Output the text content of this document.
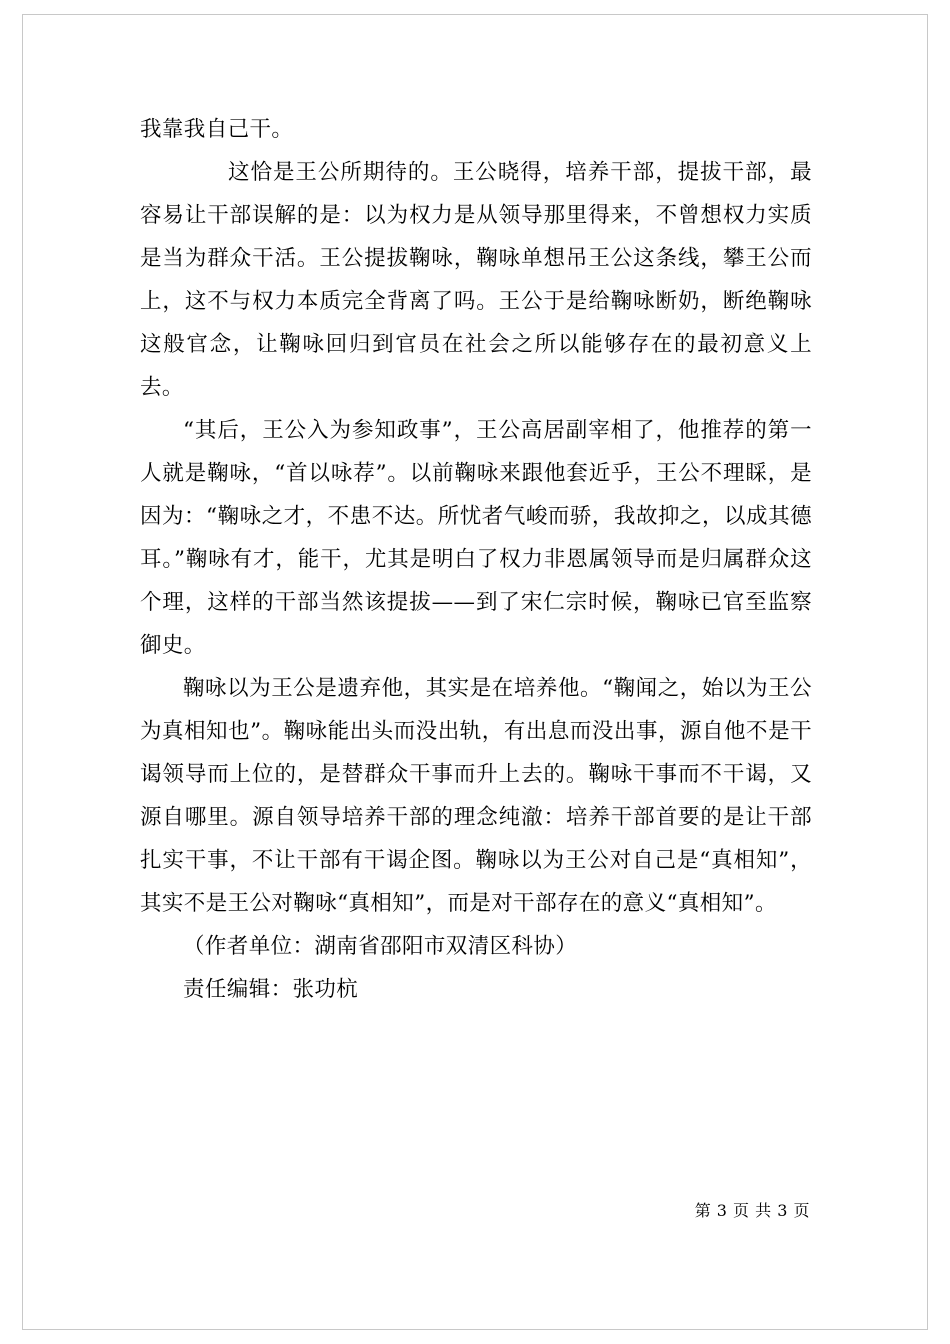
我靠我自己干。

　　这恰是王公所期待的。王公晓得，培养干部，提拔干部，最容易让干部误解的是：以为权力是从领导那里得来，不曾想权力实质是当为群众干活。王公提拔鞠咏，鞠咏单想吊王公这条线，攀王公而上，这不与权力本质完全背离了吗。王公于是给鞠咏断奶，断绝鞠咏这般官念，让鞠咏回归到官员在社会之所以能够存在的最初意义上去。

“其后，王公入为参知政事”，王公高居副宰相了，他推荐的第一人就是鞠咏，“首以咏荐”。以前鞠咏来跟他套近乎，王公不理睬，是因为：“鞠咏之才，不患不达。所忧者气峻而骄，我故抑之，以成其德耳。”鞠咏有才，能干，尤其是明白了权力非恩属领导而是归属群众这个理，这样的干部当然该提拔——到了宋仁宗时候，鞠咏已官至监察御史。

鞠咏以为王公是遗弃他，其实是在培养他。“鞠闻之，始以为王公为真相知也”。鞠咏能出头而没出轨，有出息而没出事，源自他不是干谒领导而上位的，是替群众干事而升上去的。鞠咏干事而不干谒，又源自哪里。源自领导培养干部的理念纯澈：培养干部首要的是让干部扎实干事，不让干部有干谒企图。鞠咏以为王公对自己是“真相知”，其实不是王公对鞠咏“真相知”，而是对干部存在的意义“真相知”。

（作者单位：湖南省邵阳市双清区科协）

责任编辑：张功杭

第 3 页 共 3 页
